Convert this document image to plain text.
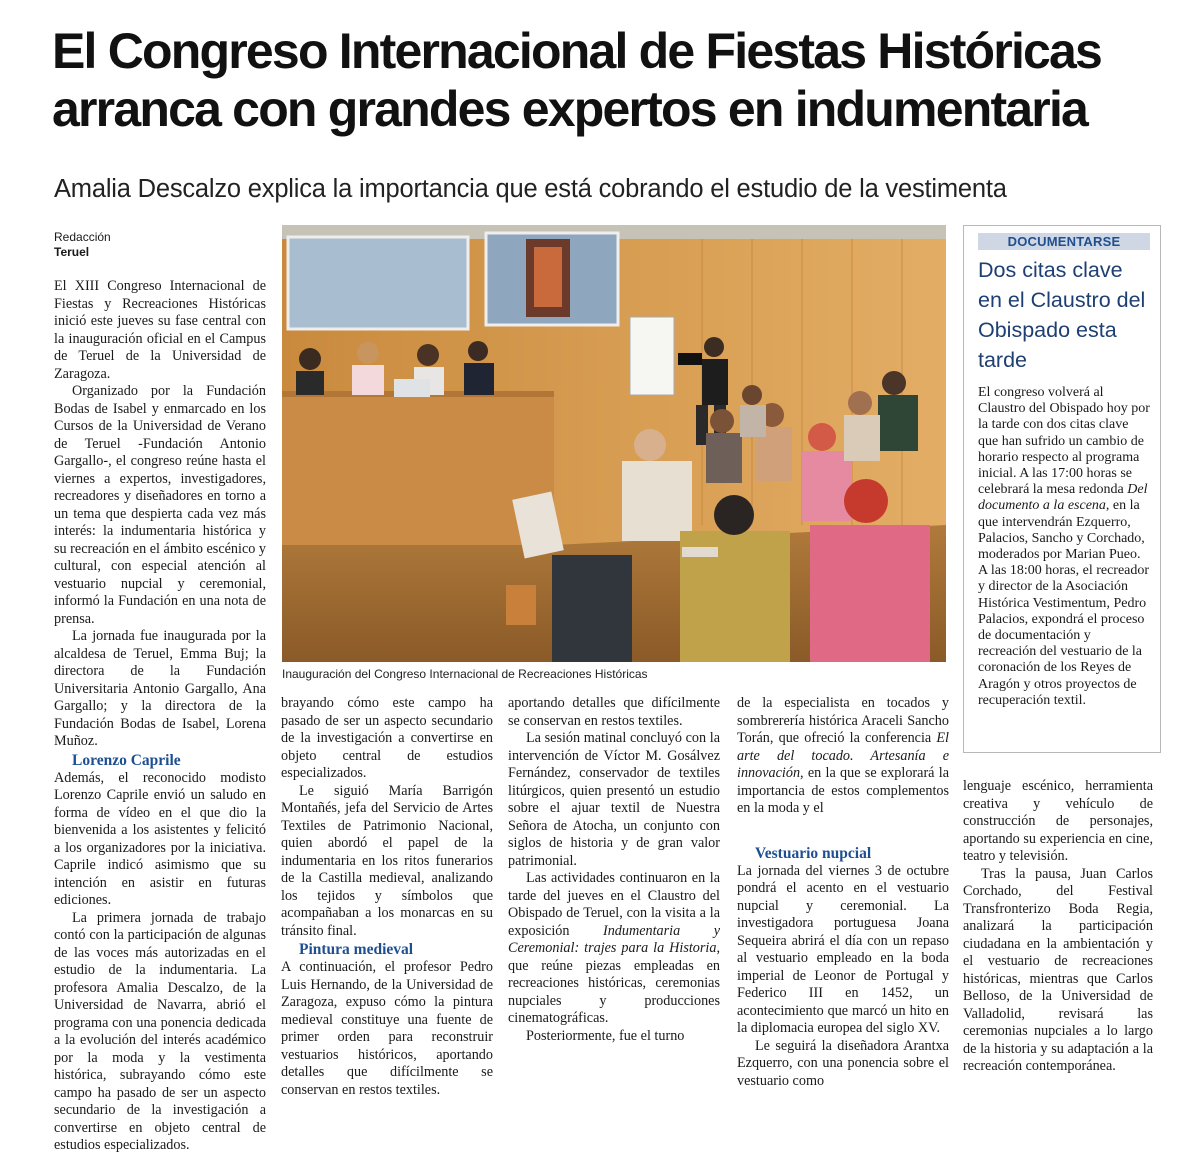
El Congreso Internacional de Fiestas Históricas
arranca con grandes expertos en indumentaria
Amalia Descalzo explica la importancia que está cobrando el estudio de la vestimenta
Redacción
Teruel

El XIII Congreso Internacional de Fiestas y Recreaciones Históricas inició este jueves su fase central con la inauguración oficial en el Campus de Teruel de la Universidad de Zaragoza.

Organizado por la Fundación Bodas de Isabel y enmarcado en los Cursos de la Universidad de Verano de Teruel -Fundación Antonio Gargallo-, el congreso reúne hasta el viernes a expertos, investigadores, recreadores y diseñadores en torno a un tema que despierta cada vez más interés: la indumentaria histórica y su recreación en el ámbito escénico y cultural, con especial atención al vestuario nupcial y ceremonial, informó la Fundación en una nota de prensa.

La jornada fue inaugurada por la alcaldesa de Teruel, Emma Buj; la directora de la Fundación Universitaria Antonio Gargallo, Ana Gargallo; y la directora de la Fundación Bodas de Isabel, Lorena Muñoz.

Lorenzo Caprile

Además, el reconocido modisto Lorenzo Caprile envió un saludo en forma de vídeo en el que dio la bienvenida a los asistentes y felicitó a los organizadores por la iniciativa. Caprile indicó asimismo que su intención en asistir en futuras ediciones.

La primera jornada de trabajo contó con la participación de algunas de las voces más autorizadas en el estudio de la indumentaria. La profesora Amalia Descalzo, de la Universidad de Navarra, abrió el programa con una ponencia dedicada a la evolución del interés académico por la moda y la vestimenta histórica, subrayando cómo este campo ha pasado de ser un aspecto secundario de la investigación a convertirse en objeto central de estudios especializados.

brayando cómo este campo ha pasado de ser un aspecto secundario de la investigación a convertirse en objeto central de estudios especializados.

Le siguió María Barrigón Montañés, jefa del Servicio de Artes Textiles de Patrimonio Nacional, quien abordó el papel de la indumentaria en los ritos funerarios de la Castilla medieval, analizando los tejidos y símbolos que acompañaban a los monarcas en su tránsito final.

Pintura medieval

A continuación, el profesor Pedro Luis Hernando, de la Universidad de Zaragoza, expuso cómo la pintura medieval constituye una fuente de primer orden para reconstruir vestuarios históricos, aportando detalles que difícilmente se conservan en restos textiles.

aportando detalles que difícilmente se conservan en restos textiles.

La sesión matinal concluyó con la intervención de Víctor M. Gosálvez Fernández, conservador de textiles litúrgicos, quien presentó un estudio sobre el ajuar textil de Nuestra Señora de Atocha, un conjunto con siglos de historia y de gran valor patrimonial.

Las actividades continuaron en la tarde del jueves en el Claustro del Obispado de Teruel, con la visita a la exposición Indumentaria y Ceremonial: trajes para la Historia, que reúne piezas empleadas en recreaciones históricas, ceremonias nupciales y producciones cinematográficas.

Posteriormente, fue el turno

de la especialista en tocados y sombrerería histórica Araceli Sancho Torán, que ofreció la conferencia El arte del tocado. Artesanía e innovación, en la que se explorará la importancia de estos complementos en la moda y el

Vestuario nupcial

La jornada del viernes 3 de octubre pondrá el acento en el vestuario nupcial y ceremonial. La investigadora portuguesa Joana Sequeira abrirá el día con un repaso al vestuario empleado en la boda imperial de Leonor de Portugal y Federico III en 1452, un acontecimiento que marcó un hito en la diplomacia europea del siglo XV.

Le seguirá la diseñadora Arantxa Ezquerro, con una ponencia sobre el vestuario como

lenguaje escénico, herramienta creativa y vehículo de construcción de personajes, aportando su experiencia en cine, teatro y televisión.

Tras la pausa, Juan Carlos Corchado, del Festival Transfronterizo Boda Regia, analizará la participación ciudadana en la ambientación y el vestuario de recreaciones históricas, mientras que Carlos Belloso, de la Universidad de Valladolid, revisará las ceremonias nupciales a lo largo de la historia y su adaptación a la recreación contemporánea.

Inauguración del Congreso Internacional de Recreaciones Históricas
DOCUMENTARSE
Dos citas clave en el Claustro del Obispado esta tarde
El congreso volverá al Claustro del Obispado hoy por la tarde con dos citas clave que han sufrido un cambio de horario respecto al programa inicial. A las 17:00 horas se celebrará la mesa redonda Del documento a la escena, en la que intervendrán Ezquerro, Palacios, Sancho y Corchado, moderados por Marian Pueo. A las 18:00 horas, el recreador y director de la Asociación Histórica Vestimentum, Pedro Palacios, expondrá el proceso de documentación y recreación del vestuario de la coronación de los Reyes de Aragón y otros proyectos de recuperación textil.
